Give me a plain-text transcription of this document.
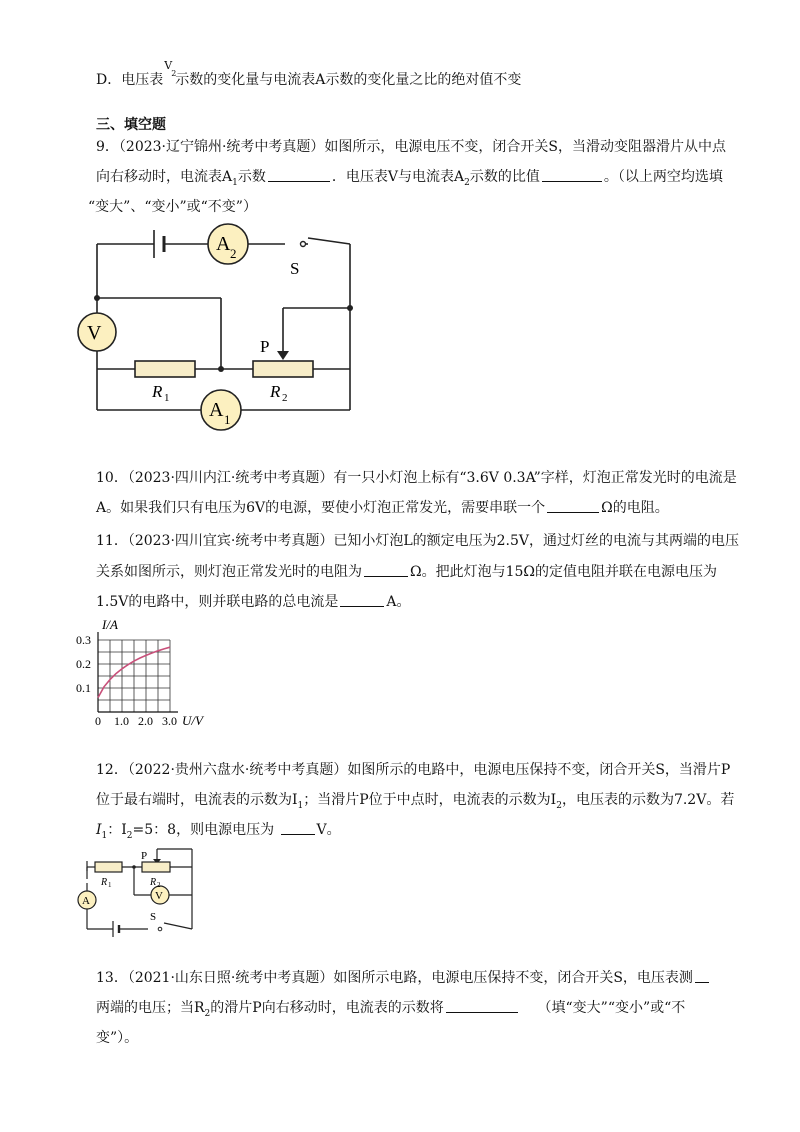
D．电压表
V
2
示数的变化量与电流表A示数的变化量之比的绝对值不变
三、填空题
9．（2023·辽宁锦州·统考中考真题）如图所示，电源电压不变，闭合开关S，当滑动变阻器滑片从中点
向右移动时，电流表$A_1$示数	．电压表V与电流表$A_2$示数的比值	。（以上两空均选填
“变大”、“变小”或“不变”）
A 2
V
A 1
S
P
R 1	R 2
10．（2023·四川内江·统考中考真题）有一只小灯泡上标有“3.6V 0.3A”字样，灯泡正常发光时的电流是
A。如果我们只有电压为6V的电源，要使小灯泡正常发光，需要串联一个	Ω的电阻。
11．（2023·四川宜宾·统考中考真题）已知小灯泡L的额定电压为2.5V，通过灯丝的电流与其两端的电压
关系如图所示，则灯泡正常发光时的电阻为	Ω。把此灯泡与15Ω的定值电阻并联在电源电压为
1.5V的电路中，则并联电路的总电流是	A。
0 1.0 2.0 3.0
0.1
0.2
0.3
I/A
U/V
12．（2022·贵州六盘水·统考中考真题）如图所示的电路中，电源电压保持不变，闭合开关S，当滑片P
位于最右端时，电流表的示数为$I_1$；当滑片P位于中点时，电流表的示数为$I_2$，电压表的示数为7.2V。若
$I_1$：$I_2=5$：8，则电源电压为	V。
P
R 1	R 2
A	V
S
13．（2021·山东日照·统考中考真题）如图所示电路，电源电压保持不变，闭合开关S，电压表测
两端的电压；当$R_2$的滑片P向右移动时，电流表的示数将	（填“变大”“变小”或“不
变”）。
